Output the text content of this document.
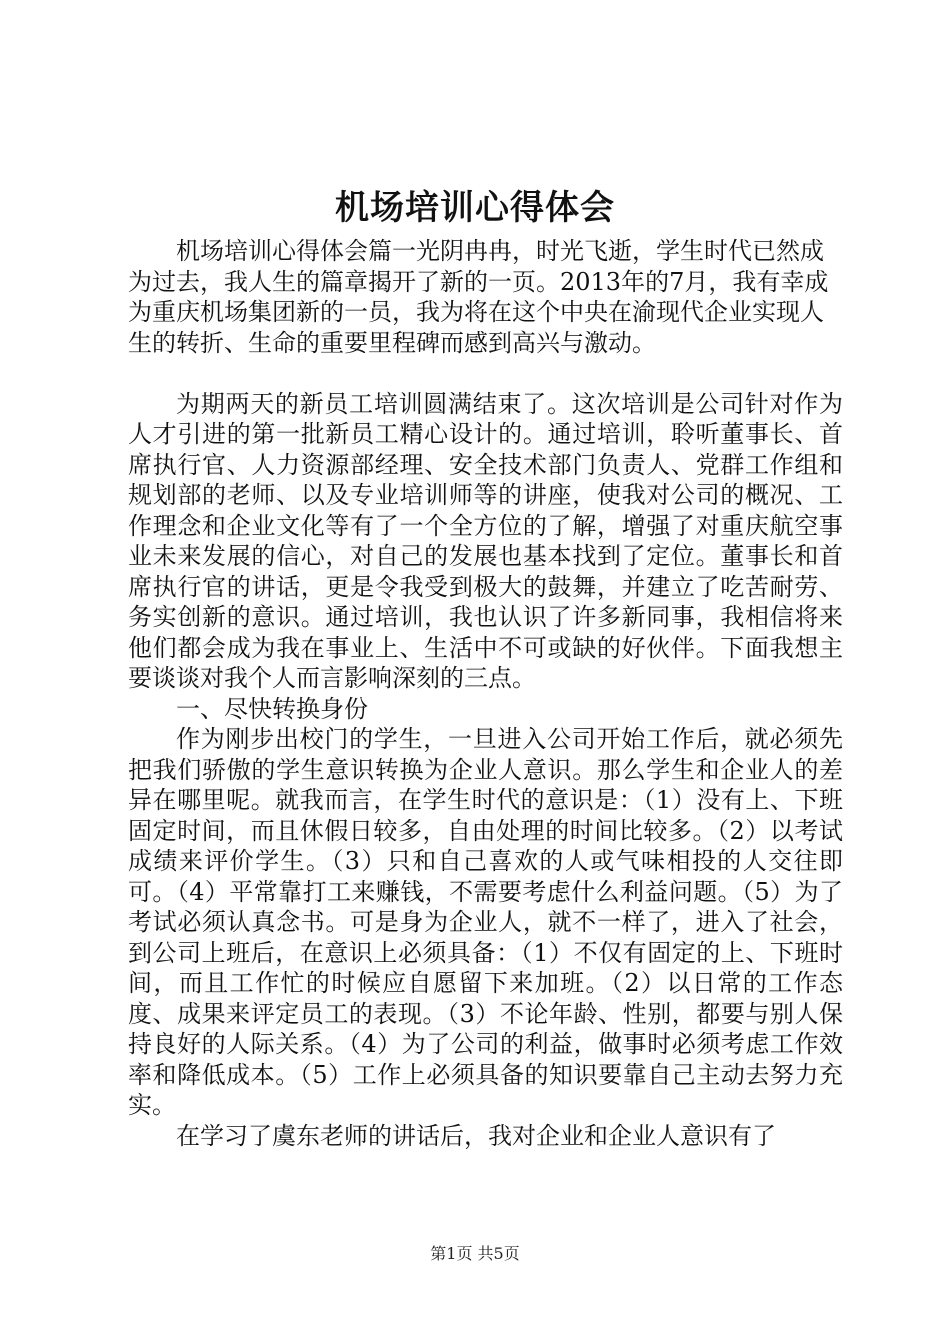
机场培训心得体会

机场培训心得体会篇一光阴冉冉，时光飞逝，学生时代已然成为过去，我人生的篇章揭开了新的一页。2013年的7月，我有幸成为重庆机场集团新的一员，我为将在这个中央在渝现代企业实现人生的转折、生命的重要里程碑而感到高兴与激动。

为期两天的新员工培训圆满结束了。这次培训是公司针对作为人才引进的第一批新员工精心设计的。通过培训，聆听董事长、首席执行官、人力资源部经理、安全技术部门负责人、党群工作组和规划部的老师、以及专业培训师等的讲座，使我对公司的概况、工作理念和企业文化等有了一个全方位的了解，增强了对重庆航空事业未来发展的信心，对自己的发展也基本找到了定位。董事长和首席执行官的讲话，更是令我受到极大的鼓舞，并建立了吃苦耐劳、务实创新的意识。通过培训，我也认识了许多新同事，我相信将来他们都会成为我在事业上、生活中不可或缺的好伙伴。下面我想主要谈谈对我个人而言影响深刻的三点。

一、尽快转换身份

作为刚步出校门的学生，一旦进入公司开始工作后，就必须先把我们骄傲的学生意识转换为企业人意识。那么学生和企业人的差异在哪里呢。就我而言，在学生时代的意识是：（1）没有上、下班固定时间，而且休假日较多，自由处理的时间比较多。（2）以考试成绩来评价学生。（3）只和自己喜欢的人或气味相投的人交往即可。（4）平常靠打工来赚钱，不需要考虑什么利益问题。（5）为了考试必须认真念书。可是身为企业人，就不一样了，进入了社会，到公司上班后，在意识上必须具备：（1）不仅有固定的上、下班时间，而且工作忙的时候应自愿留下来加班。（2）以日常的工作态度、成果来评定员工的表现。（3）不论年龄、性别，都要与别人保持良好的人际关系。（4）为了公司的利益，做事时必须考虑工作效率和降低成本。（5）工作上必须具备的知识要靠自己主动去努力充实。

在学习了虞东老师的讲话后，我对企业和企业人意识有了

第1页 共5页
